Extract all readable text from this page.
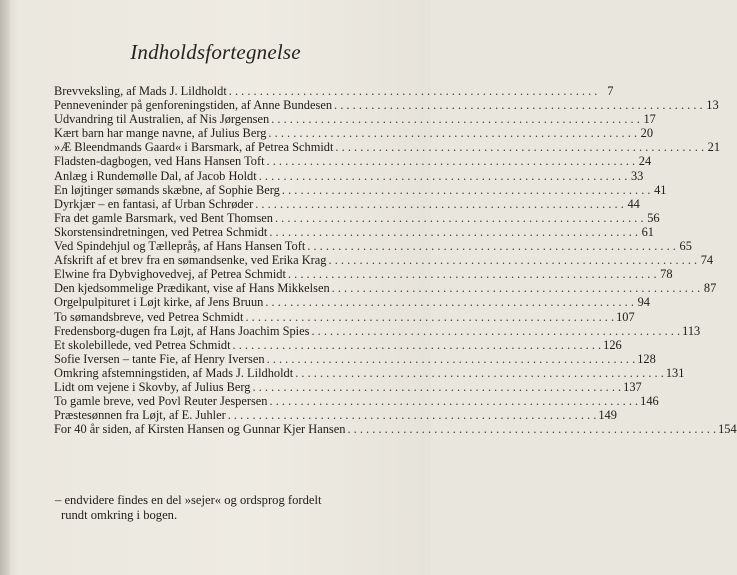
Indholdsfortegnelse
Brevveksling, af Mads J. Lildholdt . . .	7
Penneveninder på genforeningstiden, af Anne Bundesen . . .	13
Udvandring til Australien, af Nis Jørgensen . . .	17
Kært barn har mange navne, af Julius Berg . . .	20
»Æ Bleendmands Gaard« i Barsmark, af Petrea Schmidt . . .	21
Fladsten-dagbogen, ved Hans Hansen Toft . . .	24
Anlæg i Rundemølle Dal, af Jacob Holdt . . .	33
En løjtinger sømands skæbne, af Sophie Berg . . .	41
Dyrkjær – en fantasi, af Urban Schrøder . . .	44
Fra det gamle Barsmark, ved Bent Thomsen . . .	56
Skorstensindretningen, ved Petrea Schmidt . . .	61
Ved Spindehjul og Tællepråş, af Hans Hansen Toft . . .	65
Afskrift af et brev fra en sømandsenke, ved Erika Krag . . .	74
Elwine fra Dybvighovedvej, af Petrea Schmidt . . .	78
Den kjedsommelige Prædikant, vise af Hans Mikkelsen . . .	87
Orgelpulpituret i Løjt kirke, af Jens Bruun . . .	94
To sømandsbreve, ved Petrea Schmidt . . .	107
Fredensborg-dugen fra Løjt, af Hans Joachim Spies . . .	113
Et skolebillede, ved Petrea Schmidt . . .	126
Sofie Iversen – tante Fie, af Henry Iversen . . .	128
Omkring afstemningstiden, af Mads J. Lildholdt . . .	131
Lidt om vejene i Skovby, af Julius Berg . . .	137
To gamle breve, ved Povl Reuter Jespersen . . .	146
Præstesønnen fra Løjt, af E. Juhler . . .	149
For 40 år siden, af Kirsten Hansen og Gunnar Kjer Hansen . . .	154
– endvidere findes en del »sejer« og ordsprog fordelt
rundt omkring i bogen.
